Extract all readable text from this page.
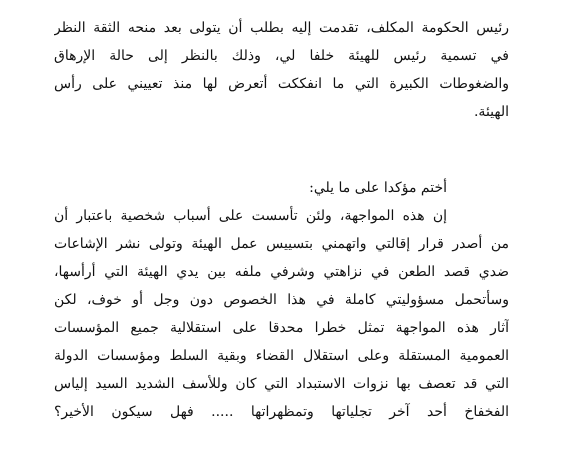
رئيس الحكومة المكلف، تقدمت إليه بطلب أن يتولى بعد منحه الثقة النظر
في تسمية رئيس للهيئة خلفا لي، وذلك بالنظر إلى حالة الإرهاق
والضغوطات الكبيرة التي ما انفككت أتعرض لها منذ تعييني على رأس
الهيئة.
أختم مؤكدا على ما يلي:
إن هذه المواجهة، ولئن تأسست على أسباب شخصية باعتبار أن
من أصدر قرار إقالتي واتهمني بتسييس عمل الهيئة وتولى نشر الإشاعات
ضدي قصد الطعن في نزاهتي وشرفي ملفه بين يدي الهيئة التي أرأسها،
وسأتحمل مسؤوليتي كاملة في هذا الخصوص دون وجل أو خوف، لكن
آثار هذه المواجهة تمثل خطرا محدقا على استقلالية جميع المؤسسات
العمومية المستقلة وعلى استقلال القضاء وبقية السلط ومؤسسات الدولة
التي قد تعصف بها نزوات الاستبداد التي كان وللأسف الشديد السيد إلياس
الفخفاخ أحد آخر تجلياتها وتمظهراتها ..... فهل سيكون الأخير؟
